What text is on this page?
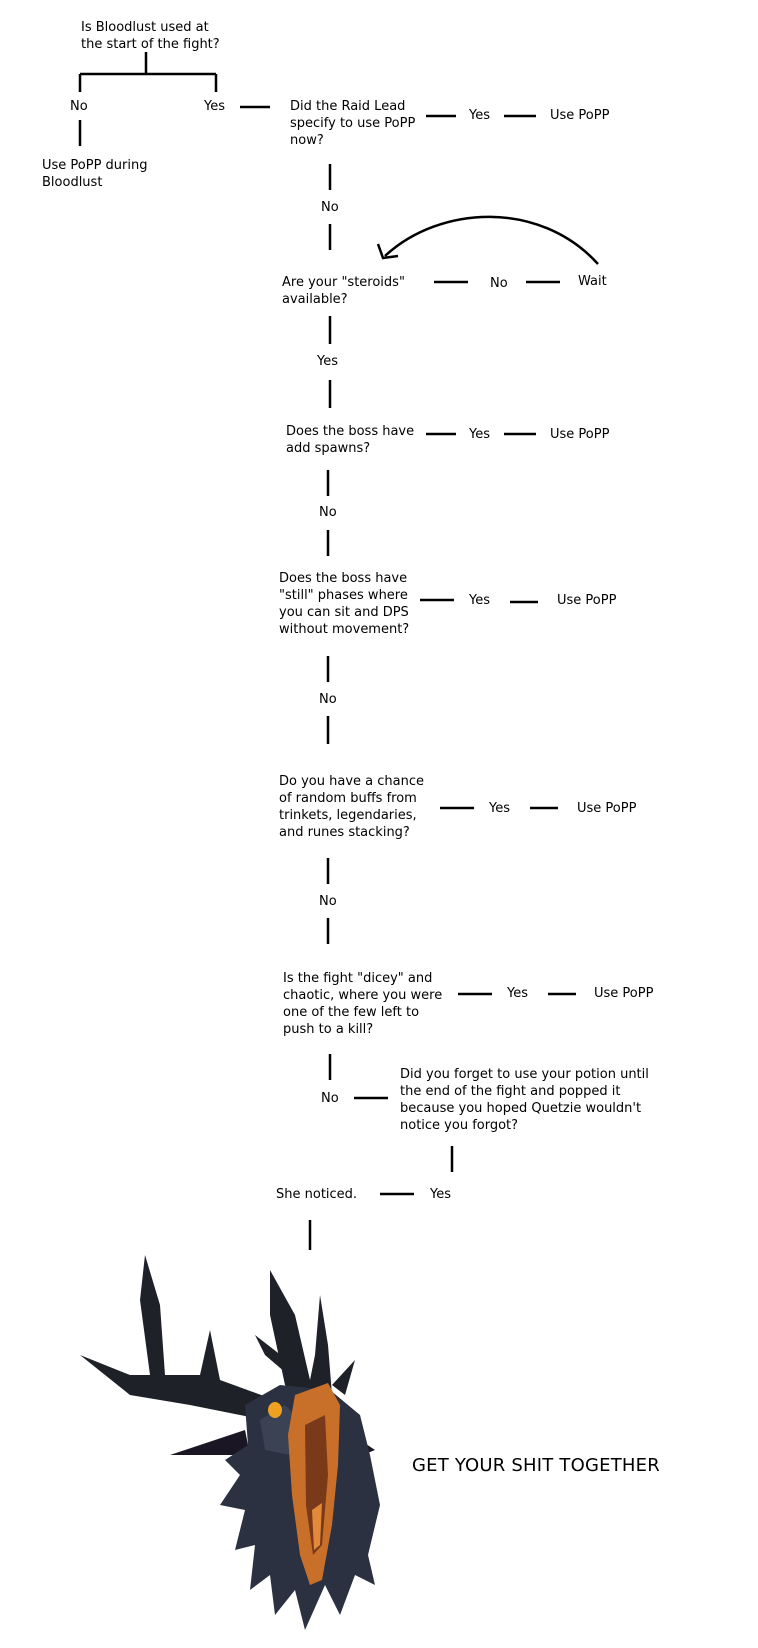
Is Bloodlust used at
the start of the fight?
No	Yes
Use PoPP during
Bloodlust
Did the Raid Lead
specify to use PoPP
now?
Yes	Use PoPP
No
Are your "steroids"
available?
No	Wait
Yes
Does the boss have
add spawns?
Yes	Use PoPP
No
Does the boss have
"still" phases where
you can sit and DPS
without movement?
Yes	Use PoPP
No
Do you have a chance
of random buffs from
trinkets, legendaries,
and runes stacking?
Yes	Use PoPP
No
Is the fight "dicey" and
chaotic, where you were
one of the few left to
push to a kill?
Yes	Use PoPP
No
Did you forget to use your potion until
the end of the fight and popped it
because you hoped Quetzie wouldn't
notice you forgot?
Yes
She noticed.
GET YOUR SHIT TOGETHER
